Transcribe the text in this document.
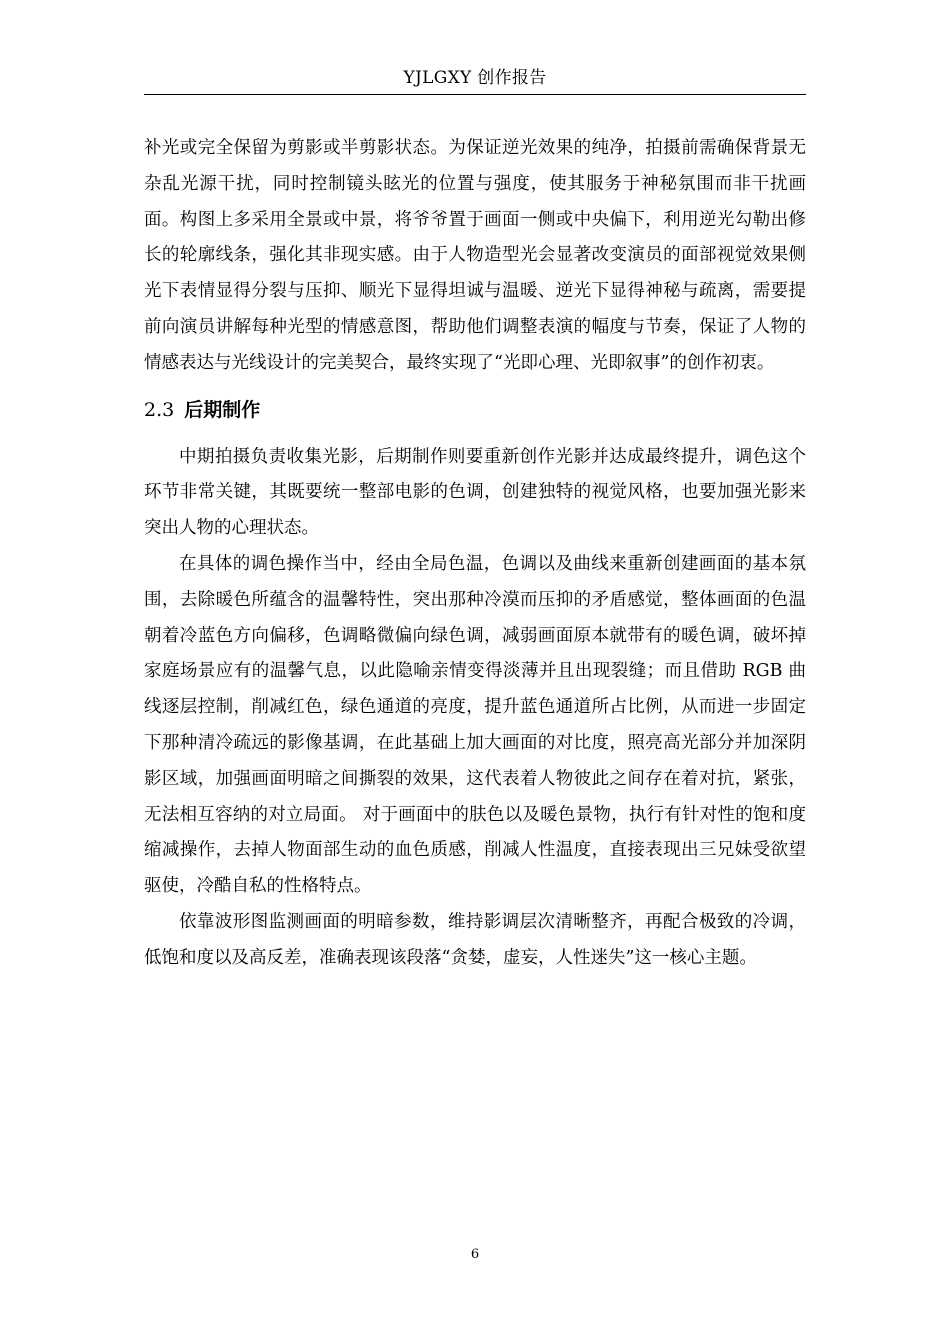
YJLGXY 创作报告

补光或完全保留为剪影或半剪影状态。为保证逆光效果的纯净，拍摄前需确保背景无杂乱光源干扰，同时控制镜头眩光的位置与强度，使其服务于神秘氛围而非干扰画面。构图上多采用全景或中景，将爷爷置于画面一侧或中央偏下，利用逆光勾勒出修长的轮廓线条，强化其非现实感。由于人物造型光会显著改变演员的面部视觉效果侧光下表情显得分裂与压抑、顺光下显得坦诚与温暖、逆光下显得神秘与疏离，需要提前向演员讲解每种光型的情感意图，帮助他们调整表演的幅度与节奏，保证了人物的情感表达与光线设计的完美契合，最终实现了“光即心理、光即叙事”的创作初衷。

2.3 后期制作

中期拍摄负责收集光影，后期制作则要重新创作光影并达成最终提升，调色这个环节非常关键，其既要统一整部电影的色调，创建独特的视觉风格，也要加强光影来突出人物的心理状态。

在具体的调色操作当中，经由全局色温，色调以及曲线来重新创建画面的基本氛围，去除暖色所蕴含的温馨特性，突出那种冷漠而压抑的矛盾感觉，整体画面的色温朝着冷蓝色方向偏移，色调略微偏向绿色调，减弱画面原本就带有的暖色调，破坏掉家庭场景应有的温馨气息，以此隐喻亲情变得淡薄并且出现裂缝；而且借助 RGB 曲线逐层控制，削减红色，绿色通道的亮度，提升蓝色通道所占比例，从而进一步固定下那种清冷疏远的影像基调，在此基础上加大画面的对比度，照亮高光部分并加深阴影区域，加强画面明暗之间撕裂的效果，这代表着人物彼此之间存在着对抗，紧张，无法相互容纳的对立局面。 对于画面中的肤色以及暖色景物，执行有针对性的饱和度缩减操作，去掉人物面部生动的血色质感，削减人性温度，直接表现出三兄妹受欲望驱使，冷酷自私的性格特点。

依靠波形图监测画面的明暗参数，维持影调层次清晰整齐，再配合极致的冷调，低饱和度以及高反差，准确表现该段落“贪婪，虚妄，人性迷失”这一核心主题。

6
